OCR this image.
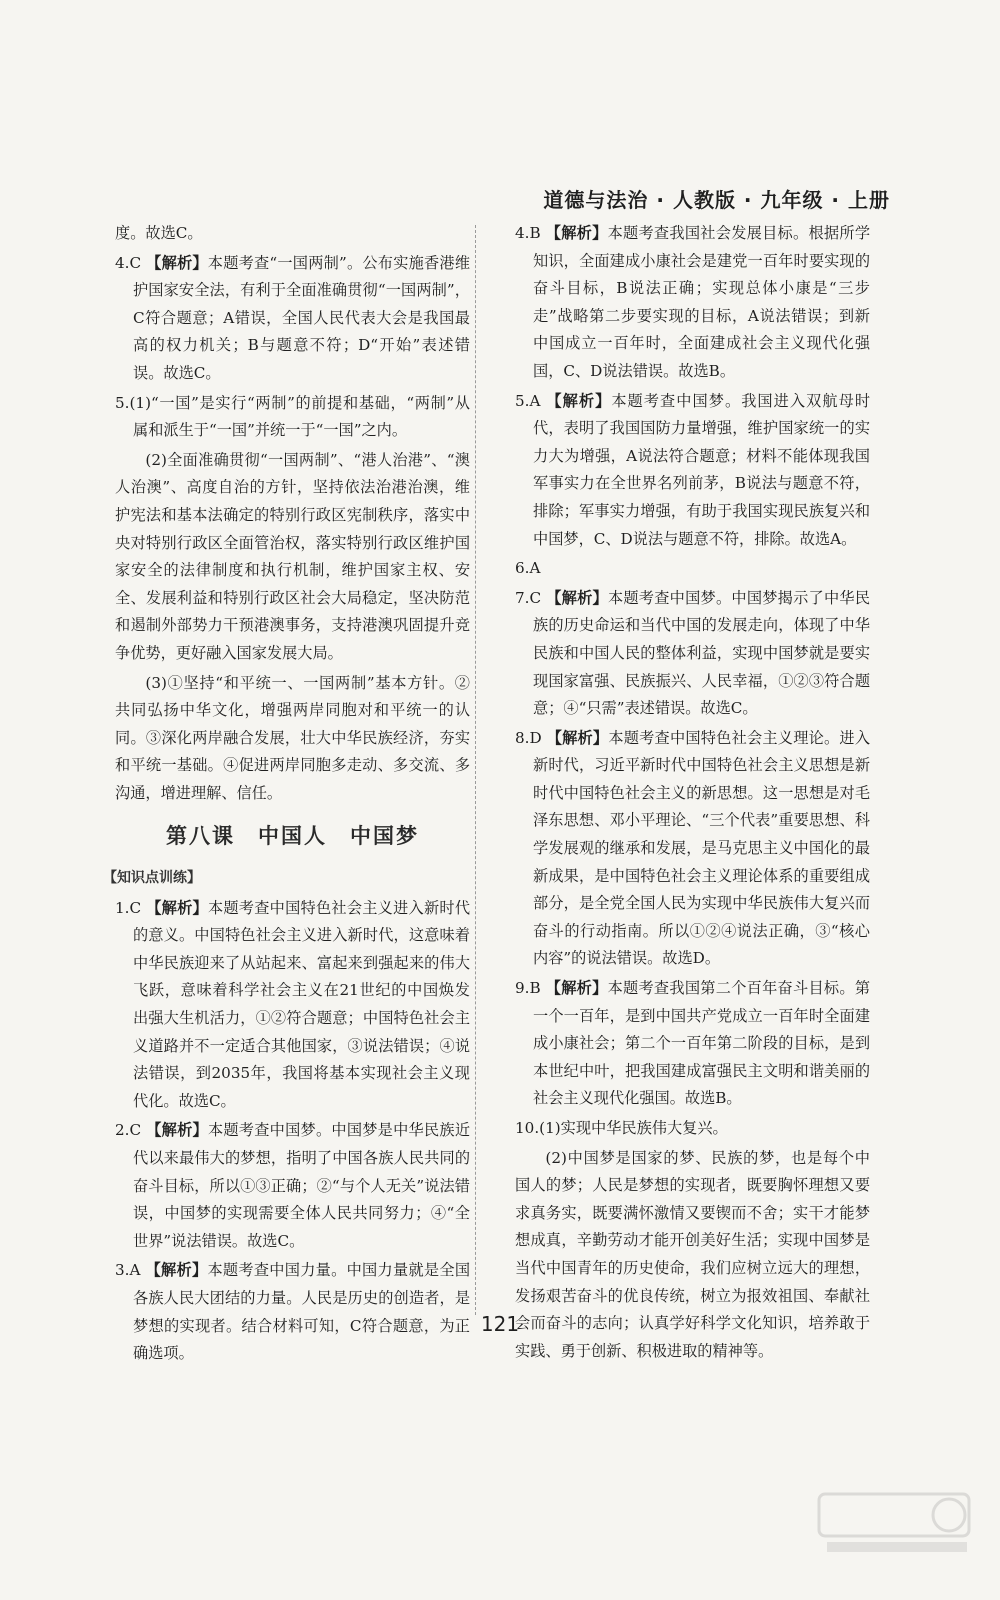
道德与法治 · 人教版 · 九年级 · 上册

度。故选C。

4.C 【解析】本题考查“一国两制”。公布实施香港维护国家安全法，有利于全面准确贯彻“一国两制”，C符合题意；A错误，全国人民代表大会是我国最高的权力机关；B与题意不符；D“开始”表述错误。故选C。

5.(1)“一国”是实行“两制”的前提和基础，“两制”从属和派生于“一国”并统一于“一国”之内。

(2)全面准确贯彻“一国两制”、“港人治港”、“澳人治澳”、高度自治的方针，坚持依法治港治澳，维护宪法和基本法确定的特别行政区宪制秩序，落实中央对特别行政区全面管治权，落实特别行政区维护国家安全的法律制度和执行机制，维护国家主权、安全、发展利益和特别行政区社会大局稳定，坚决防范和遏制外部势力干预港澳事务，支持港澳巩固提升竞争优势，更好融入国家发展大局。

(3)①坚持“和平统一、一国两制”基本方针。②共同弘扬中华文化，增强两岸同胞对和平统一的认同。③深化两岸融合发展，壮大中华民族经济，夯实和平统一基础。④促进两岸同胞多走动、多交流、多沟通，增进理解、信任。

第八课　中国人　中国梦
【知识点训练】

1.C 【解析】本题考查中国特色社会主义进入新时代的意义。中国特色社会主义进入新时代，这意味着中华民族迎来了从站起来、富起来到强起来的伟大飞跃，意味着科学社会主义在21世纪的中国焕发出强大生机活力，①②符合题意；中国特色社会主义道路并不一定适合其他国家，③说法错误；④说法错误，到2035年，我国将基本实现社会主义现代化。故选C。

2.C 【解析】本题考查中国梦。中国梦是中华民族近代以来最伟大的梦想，指明了中国各族人民共同的奋斗目标，所以①③正确；②“与个人无关”说法错误，中国梦的实现需要全体人民共同努力；④“全世界”说法错误。故选C。

3.A 【解析】本题考查中国力量。中国力量就是全国各族人民大团结的力量。人民是历史的创造者，是梦想的实现者。结合材料可知，C符合题意，为正确选项。

4.B 【解析】本题考查我国社会发展目标。根据所学知识，全面建成小康社会是建党一百年时要实现的奋斗目标，B说法正确；实现总体小康是“三步走”战略第二步要实现的目标，A说法错误；到新中国成立一百年时，全面建成社会主义现代化强国，C、D说法错误。故选B。

5.A 【解析】本题考查中国梦。我国进入双航母时代，表明了我国国防力量增强，维护国家统一的实力大为增强，A说法符合题意；材料不能体现我国军事实力在全世界名列前茅，B说法与题意不符，排除；军事实力增强，有助于我国实现民族复兴和中国梦，C、D说法与题意不符，排除。故选A。

6.A

7.C 【解析】本题考查中国梦。中国梦揭示了中华民族的历史命运和当代中国的发展走向，体现了中华民族和中国人民的整体利益，实现中国梦就是要实现国家富强、民族振兴、人民幸福，①②③符合题意；④“只需”表述错误。故选C。

8.D 【解析】本题考查中国特色社会主义理论。进入新时代，习近平新时代中国特色社会主义思想是新时代中国特色社会主义的新思想。这一思想是对毛泽东思想、邓小平理论、“三个代表”重要思想、科学发展观的继承和发展，是马克思主义中国化的最新成果，是中国特色社会主义理论体系的重要组成部分，是全党全国人民为实现中华民族伟大复兴而奋斗的行动指南。所以①②④说法正确，③“核心内容”的说法错误。故选D。

9.B 【解析】本题考查我国第二个百年奋斗目标。第一个一百年，是到中国共产党成立一百年时全面建成小康社会；第二个一百年第二阶段的目标，是到本世纪中叶，把我国建成富强民主文明和谐美丽的社会主义现代化强国。故选B。

10.(1)实现中华民族伟大复兴。

(2)中国梦是国家的梦、民族的梦，也是每个中国人的梦；人民是梦想的实现者，既要胸怀理想又要求真务实，既要满怀激情又要锲而不舍；实干才能梦想成真，辛勤劳动才能开创美好生活；实现中国梦是当代中国青年的历史使命，我们应树立远大的理想，发扬艰苦奋斗的优良传统，树立为报效祖国、奉献社会而奋斗的志向；认真学好科学文化知识，培养敢于实践、勇于创新、积极进取的精神等。

121
